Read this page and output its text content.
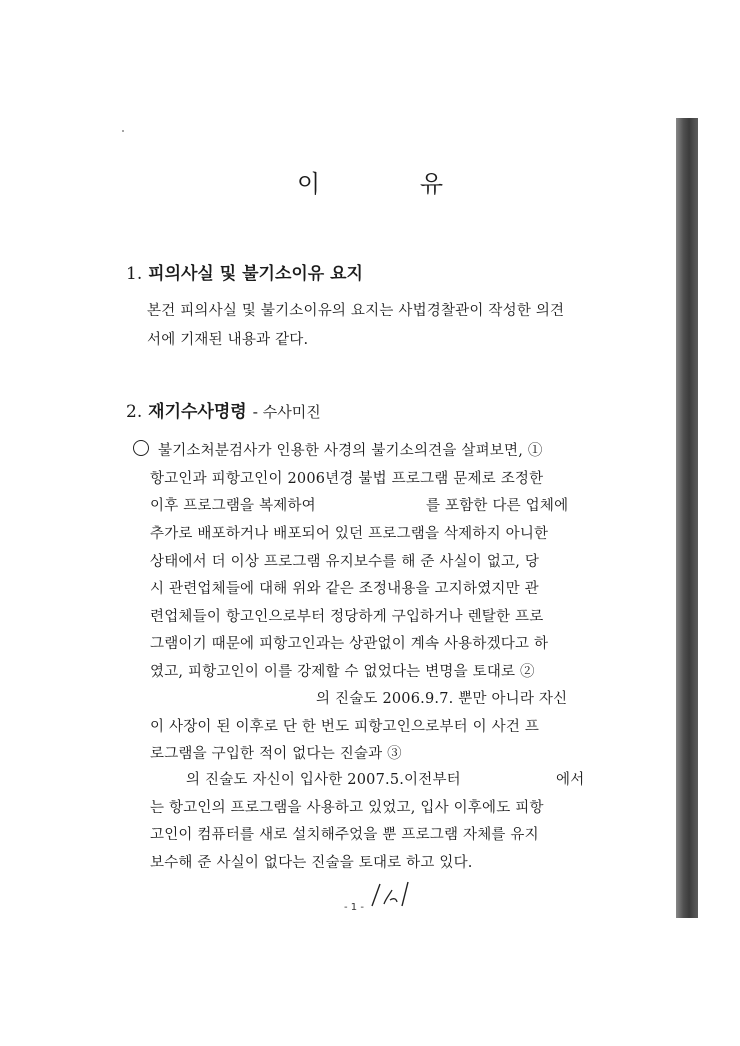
이 유
1. 피의사실 및 불기소이유 요지
본건 피의사실 및 불기소이유의 요지는 사법경찰관이 작성한 의견
서에 기재된 내용과 같다.
2. 재기수사명령 - 수사미진
불기소처분검사가 인용한 사경의 불기소의견을 살펴보면, ①
항고인과 피항고인이 2006년경 불법 프로그램 문제로 조정한
이후 프로그램을 복제하여	를 포함한 다른 업체에
추가로 배포하거나 배포되어 있던 프로그램을 삭제하지 아니한
상태에서 더 이상 프로그램 유지보수를 해 준 사실이 없고, 당
시 관련업체들에 대해 위와 같은 조정내용을 고지하였지만 관
련업체들이 항고인으로부터 정당하게 구입하거나 렌탈한 프로
그램이기 때문에 피항고인과는 상관없이 계속 사용하겠다고 하
였고, 피항고인이 이를 강제할 수 없었다는 변명을 토대로 ②
의 진술도 2006.9.7. 뿐만 아니라 자신
이 사장이 된 이후로 단 한 번도 피항고인으로부터 이 사건 프
로그램을 구입한 적이 없다는 진술과 ③
의 진술도 자신이 입사한 2007.5.이전부터	에서
는 항고인의 프로그램을 사용하고 있었고, 입사 이후에도 피항
고인이 컴퓨터를 새로 설치해주었을 뿐 프로그램 자체를 유지
보수해 준 사실이 없다는 진술을 토대로 하고 있다.
- 1 -
